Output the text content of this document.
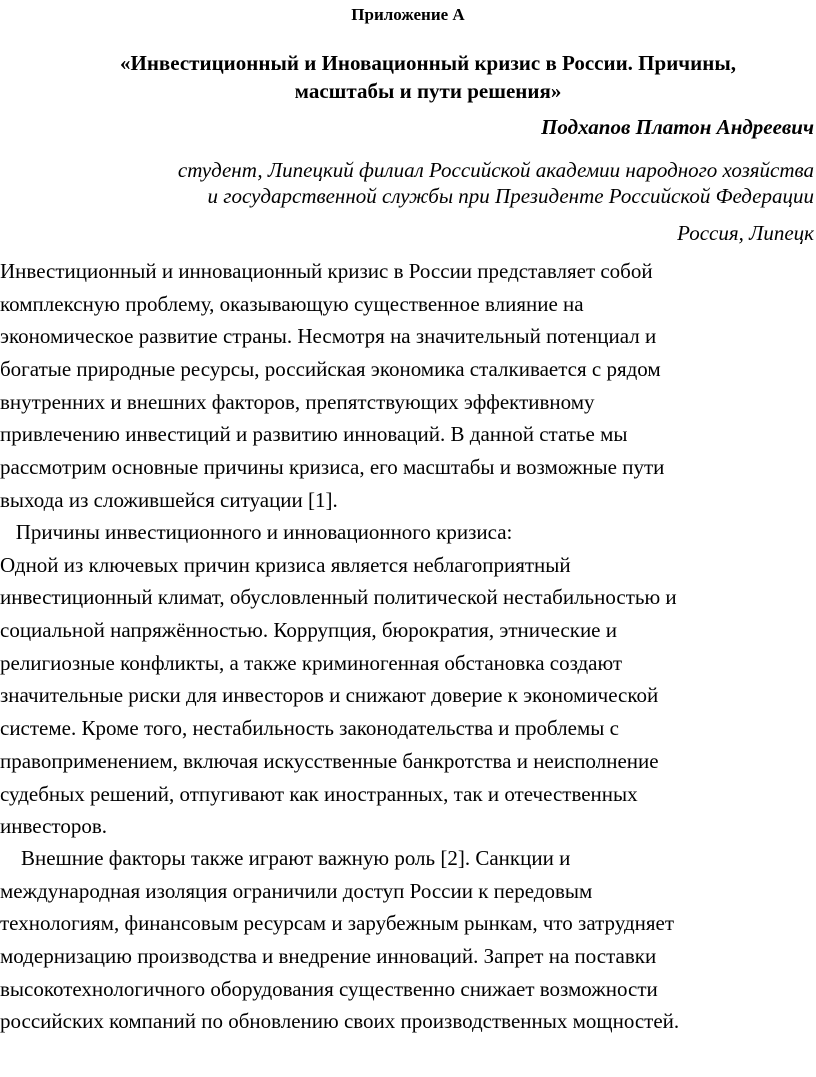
Приложение А
«Инвестиционный и Иновационный кризис в России. Причины,
масштабы и пути решения»
Подхапов Платон Андреевич
студент, Липецкий филиал Российской академии народного хозяйства
и государственной службы при Президенте Российской Федерации
Россия, Липецк
Инвестиционный и инновационный кризис в России представляет собой
комплексную проблему, оказывающую существенное влияние на
экономическое развитие страны. Несмотря на значительный потенциал и
богатые природные ресурсы, российская экономика сталкивается с рядом
внутренних и внешних факторов, препятствующих эффективному
привлечению инвестиций и развитию инноваций. В данной статье мы
рассмотрим основные причины кризиса, его масштабы и возможные пути
выхода из сложившейся ситуации [1].
Причины инвестиционного и инновационного кризиса:
Одной из ключевых причин кризиса является неблагоприятный
инвестиционный климат, обусловленный политической нестабильностью и
социальной напряжённостью. Коррупция, бюрократия, этнические и
религиозные конфликты, а также криминогенная обстановка создают
значительные риски для инвесторов и снижают доверие к экономической
системе. Кроме того, нестабильность законодательства и проблемы с
правоприменением, включая искусственные банкротства и неисполнение
судебных решений, отпугивают как иностранных, так и отечественных
инвесторов.
Внешние факторы также играют важную роль [2]. Санкции и
международная изоляция ограничили доступ России к передовым
технологиям, финансовым ресурсам и зарубежным рынкам, что затрудняет
модернизацию производства и внедрение инноваций. Запрет на поставки
высокотехнологичного оборудования существенно снижает возможности
российских компаний по обновлению своих производственных мощностей.
